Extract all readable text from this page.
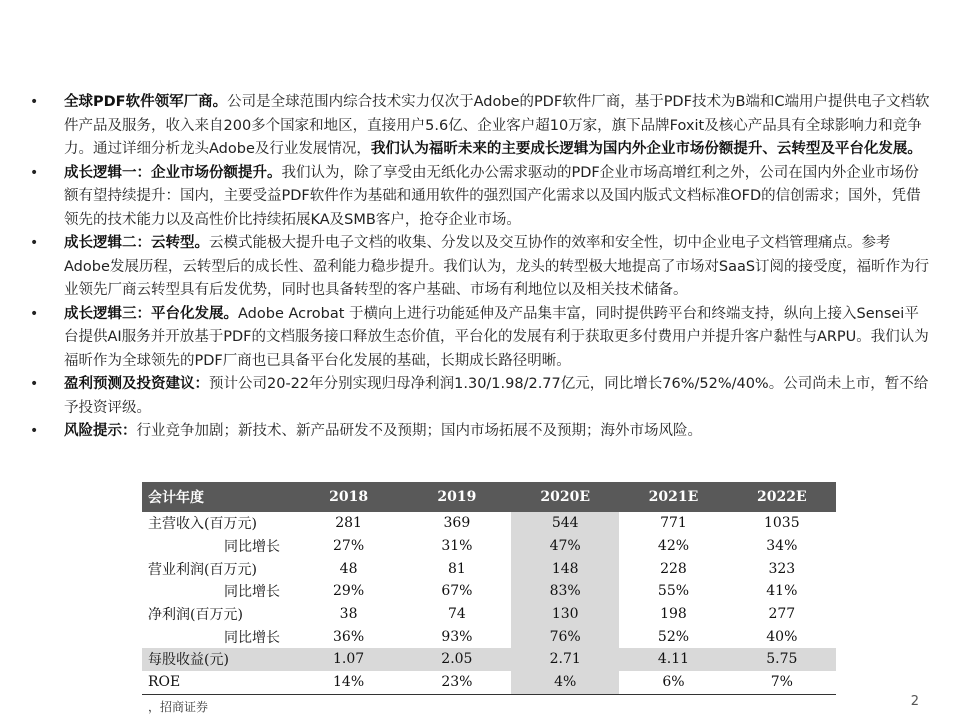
• 全球PDF软件领军厂商。公司是全球范围内综合技术实力仅次于Adobe的PDF软件厂商，基于PDF技术为B端和C端用户提供电子文档软件产品及服务，收入来自200多个国家和地区，直接用户5.6亿、企业客户超10万家，旗下品牌Foxit及核心产品具有全球影响力和竞争力。通过详细分析龙头Adobe及行业发展情况，我们认为福昕未来的主要成长逻辑为国内外企业市场份额提升、云转型及平台化发展。

• 成长逻辑一：企业市场份额提升。我们认为，除了享受由无纸化办公需求驱动的PDF企业市场高增红利之外，公司在国内外企业市场份额有望持续提升：国内，主要受益PDF软件作为基础和通用软件的强烈国产化需求以及国内版式文档标准OFD的信创需求；国外，凭借领先的技术能力以及高性价比持续拓展KA及SMB客户，抢夺企业市场。

• 成长逻辑二：云转型。云模式能极大提升电子文档的收集、分发以及交互协作的效率和安全性，切中企业电子文档管理痛点。参考Adobe发展历程，云转型后的成长性、盈利能力稳步提升。我们认为，龙头的转型极大地提高了市场对SaaS订阅的接受度，福昕作为行业领先厂商云转型具有后发优势，同时也具备转型的客户基础、市场有利地位以及相关技术储备。

• 成长逻辑三：平台化发展。Adobe Acrobat 于横向上进行功能延伸及产品集丰富，同时提供跨平台和终端支持，纵向上接入Sensei平台提供AI服务并开放基于PDF的文档服务接口释放生态价值，平台化的发展有利于获取更多付费用户并提升客户黏性与ARPU。我们认为福昕作为全球领先的PDF厂商也已具备平台化发展的基础，长期成长路径明晰。

• 盈利预测及投资建议：预计公司20-22年分别实现归母净利润1.30/1.98/2.77亿元，同比增长76%/52%/40%。公司尚未上市，暂不给予投资评级。

• 风险提示：行业竞争加剧；新技术、新产品研发不及预期；国内市场拓展不及预期；海外市场风险。

会计年度	2018	2019	2020E	2021E	2022E
主营收入(百万元)	281	369	544	771	1035
同比增长	27%	31%	47%	42%	34%
营业利润(百万元)	48	81	148	228	323
同比增长	29%	67%	83%	55%	41%
净利润(百万元)	38	74	130	198	277
同比增长	36%	93%	76%	52%	40%
每股收益(元)	1.07	2.05	2.71	4.11	5.75
ROE	14%	23%	4%	6%	7%
，招商证券	2
